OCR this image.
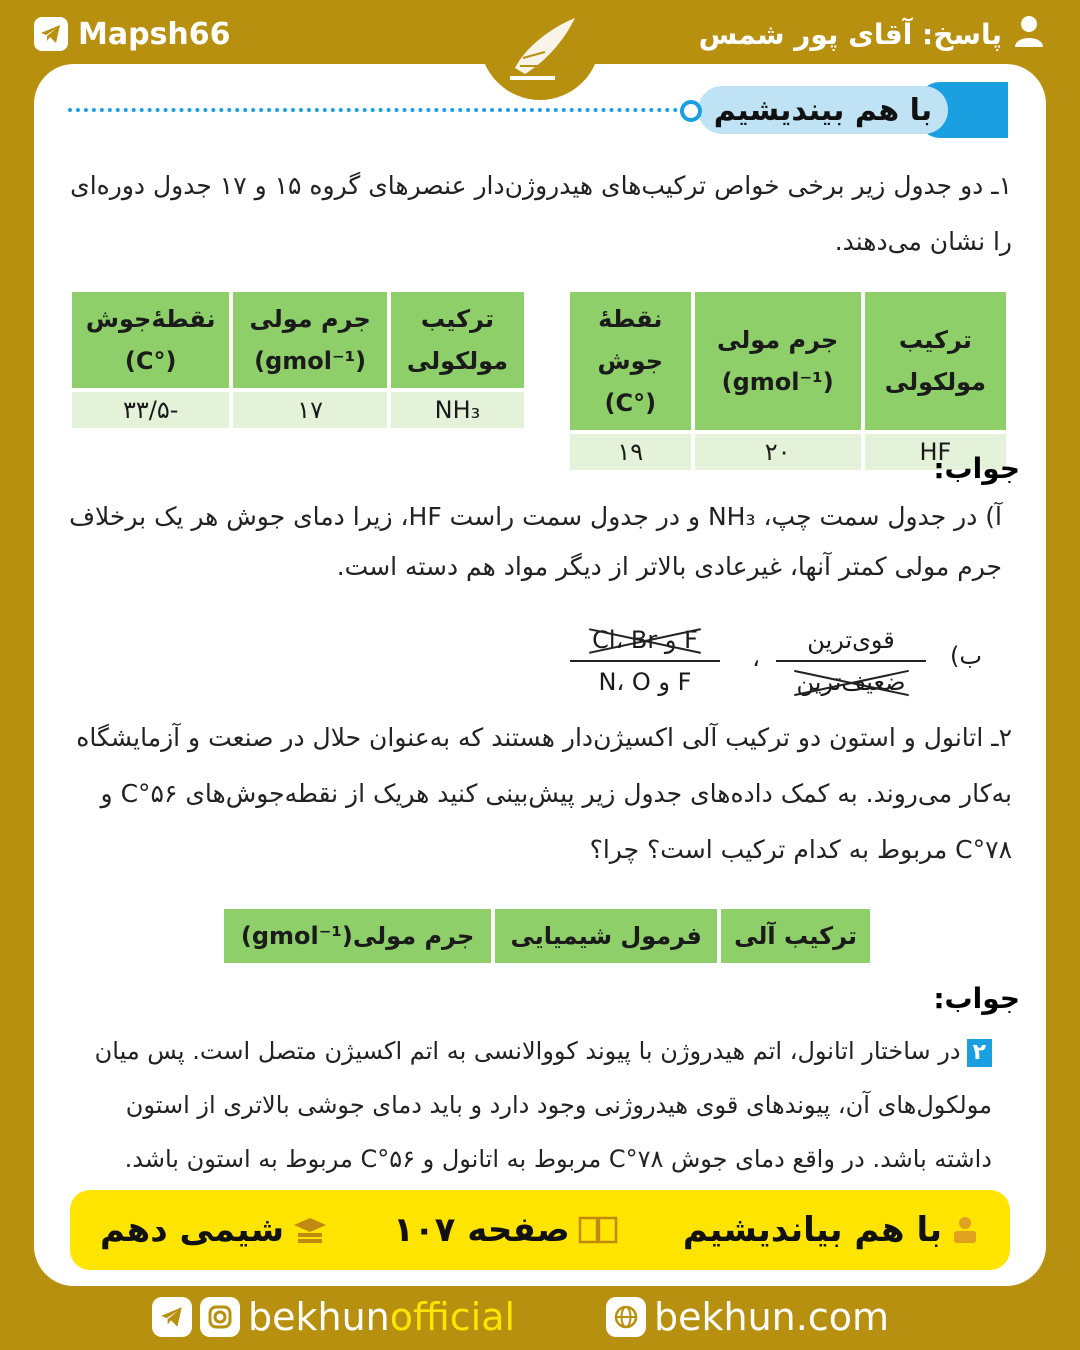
Mapsh66	پاسخ: آقای پور شمس
با هم بیندیشیم
۱ـ دو جدول زیر برخی خواص ترکیب‌های هیدروژن‌دار عنصرهای گروه ۱۵ و ۱۷ جدول دوره‌ای را نشان می‌دهند.
ترکیب مولکولی	جرم مولی (gmol⁻¹)	نقطهٔ‌جوش (°C)
NH₃	۱۷	-۳۳/۵
ترکیب مولکولی	جرم مولی (gmol⁻¹)	نقطهٔ جوش (°C)
HF	۲۰	۱۹	جواب:
آ) در جدول سمت چپ، NH₃ و در جدول سمت راست HF، زیرا دمای جوش هر یک برخلاف جرم مولی کمتر آنها، غیرعادی بالاتر از دیگر مواد هم دسته است.
ب)
قوی‌ترین
ضعیف‌ترین
،
F و Cl، Br
F و N، O
۲ـ اتانول و استون دو ترکیب آلی اکسیژن‌دار هستند که به‌عنوان حلال در صنعت و آزمایشگاه به‌کار می‌روند. به کمک داده‌های جدول زیر پیش‌بینی کنید هریک از نقطه‌جوش‌های ۵۶°C و ۷۸°C مربوط به کدام ترکیب است؟ چرا؟
ترکیب آلی	فرمول شیمیایی	جرم مولی(gmol⁻¹)
جواب:
۲در ساختار اتانول، اتم هیدروژن با پیوند کووالانسی به اتم اکسیژن متصل است. پس میان مولکول‌های آن، پیوندهای قوی هیدروژنی وجود دارد و باید دمای جوشی بالاتری از استون داشته باشد. در واقع دمای جوش ۷۸°C مربوط به اتانول و ۵۶°C مربوط به استون باشد.
با هم بیاندیشیم
صفحه ۱۰۷
شیمی دهم
bekhunofficial	bekhun.com
